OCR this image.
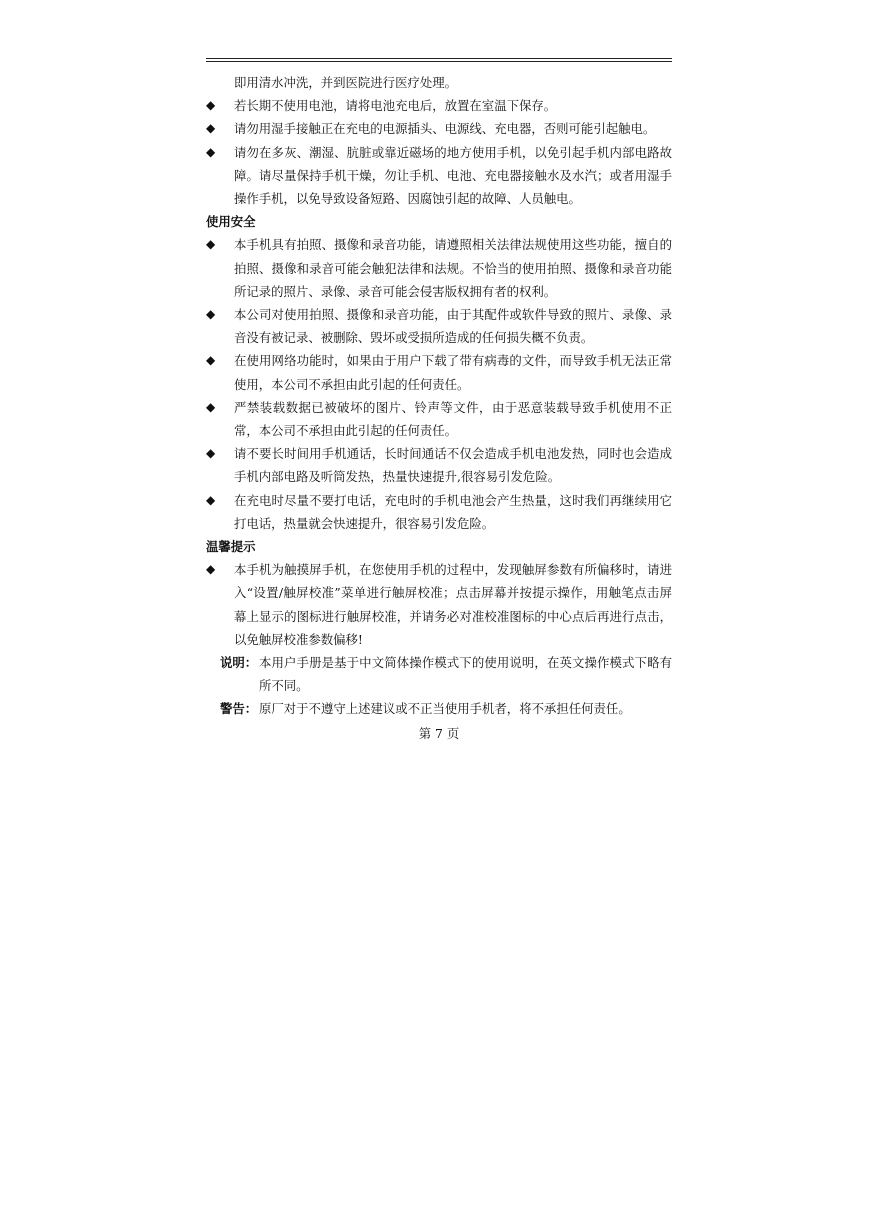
即用清水冲洗，并到医院进行医疗处理。
◆ 若长期不使用电池，请将电池充电后，放置在室温下保存。
◆ 请勿用湿手接触正在充电的电源插头、电源线、充电器，否则可能引起触电。
◆ 请勿在多灰、潮湿、肮脏或靠近磁场的地方使用手机，以免引起手机内部电路故障。请尽量保持手机干燥，勿让手机、电池、充电器接触水及水汽；或者用湿手操作手机，以免导致设备短路、因腐蚀引起的故障、人员触电。
使用安全
◆ 本手机具有拍照、摄像和录音功能，请遵照相关法律法规使用这些功能，擅自的拍照、摄像和录音可能会触犯法律和法规。不恰当的使用拍照、摄像和录音功能所记录的照片、录像、录音可能会侵害版权拥有者的权利。
◆ 本公司对使用拍照、摄像和录音功能，由于其配件或软件导致的照片、录像、录音没有被记录、被删除、毁坏或受损所造成的任何损失概不负责。
◆ 在使用网络功能时，如果由于用户下载了带有病毒的文件，而导致手机无法正常使用，本公司不承担由此引起的任何责任。
◆ 严禁装载数据已被破坏的图片、铃声等文件，由于恶意装载导致手机使用不正常，本公司不承担由此引起的任何责任。
◆ 请不要长时间用手机通话，长时间通话不仅会造成手机电池发热，同时也会造成手机内部电路及听筒发热，热量快速提升,很容易引发危险。
◆ 在充电时尽量不要打电话，充电时的手机电池会产生热量，这时我们再继续用它打电话，热量就会快速提升，很容易引发危险。
温馨提示
◆ 本手机为触摸屏手机，在您使用手机的过程中，发现触屏参数有所偏移时，请进入“设置/触屏校准”菜单进行触屏校准；点击屏幕并按提示操作，用触笔点击屏幕上显示的图标进行触屏校准，并请务必对准校准图标的中心点后再进行点击，以免触屏校准参数偏移!
说明： 本用户手册是基于中文简体操作模式下的使用说明，在英文操作模式下略有所不同。
警告： 原厂对于不遵守上述建议或不正当使用手机者，将不承担任何责任。
第 7 页
